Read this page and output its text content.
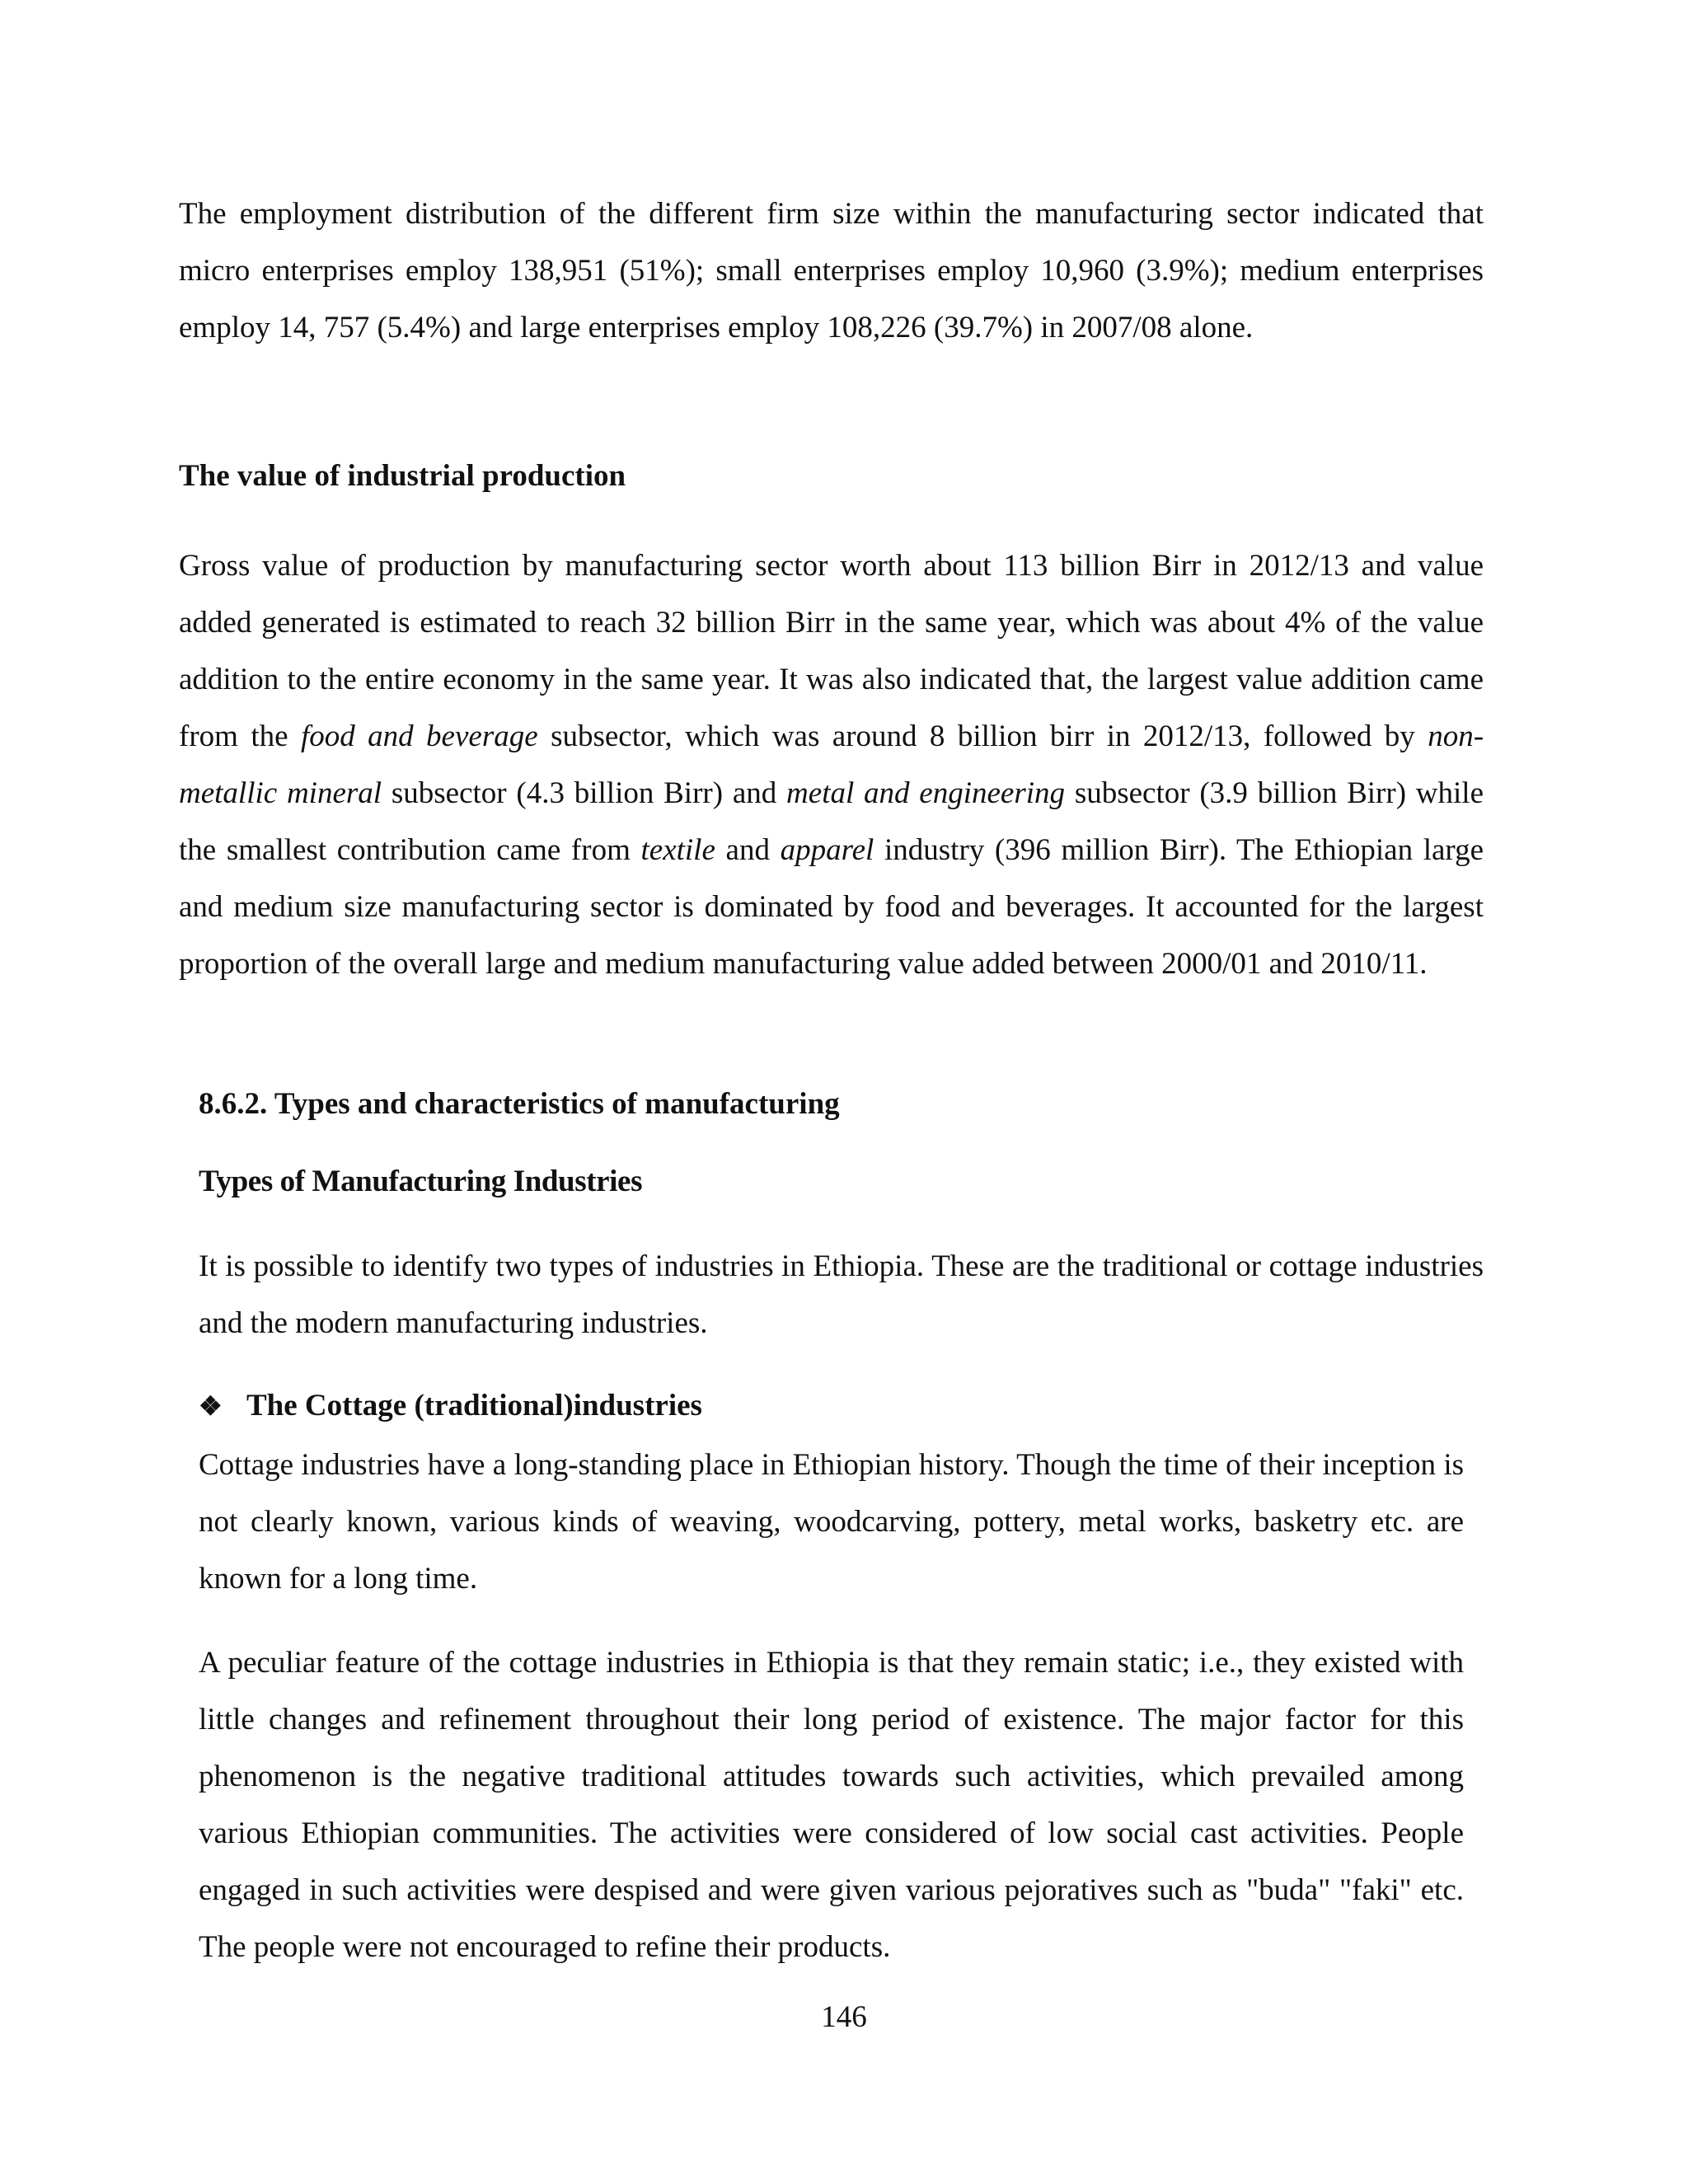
The employment distribution of the different firm size within the manufacturing sector indicated that micro enterprises employ 138,951 (51%); small enterprises employ 10,960 (3.9%); medium enterprises employ 14, 757 (5.4%) and large enterprises employ 108,226 (39.7%) in 2007/08 alone.

The value of industrial production

Gross value of production by manufacturing sector worth about 113 billion Birr in 2012/13 and value added generated is estimated to reach 32 billion Birr in the same year, which was about 4% of the value addition to the entire economy in the same year. It was also indicated that, the largest value addition came from the food and beverage subsector, which was around 8 billion birr in 2012/13, followed by non-metallic mineral subsector (4.3 billion Birr) and metal and engineering subsector (3.9 billion Birr) while the smallest contribution came from textile and apparel industry (396 million Birr). The Ethiopian large and medium size manufacturing sector is dominated by food and beverages. It accounted for the largest proportion of the overall large and medium manufacturing value added between 2000/01 and 2010/11.

8.6.2. Types and characteristics of manufacturing
Types of Manufacturing Industries

It is possible to identify two types of industries in Ethiopia. These are the traditional or cottage industries and the modern manufacturing industries.

❖ The Cottage (traditional)industries

Cottage industries have a long-standing place in Ethiopian history. Though the time of their inception is not clearly known, various kinds of weaving, woodcarving, pottery, metal works, basketry etc. are known for a long time.

A peculiar feature of the cottage industries in Ethiopia is that they remain static; i.e., they existed with little changes and refinement throughout their long period of existence. The major factor for this phenomenon is the negative traditional attitudes towards such activities, which prevailed among various Ethiopian communities. The activities were considered of low social cast activities. People engaged in such activities were despised and were given various pejoratives such as "buda" "faki" etc. The people were not encouraged to refine their products.

146
